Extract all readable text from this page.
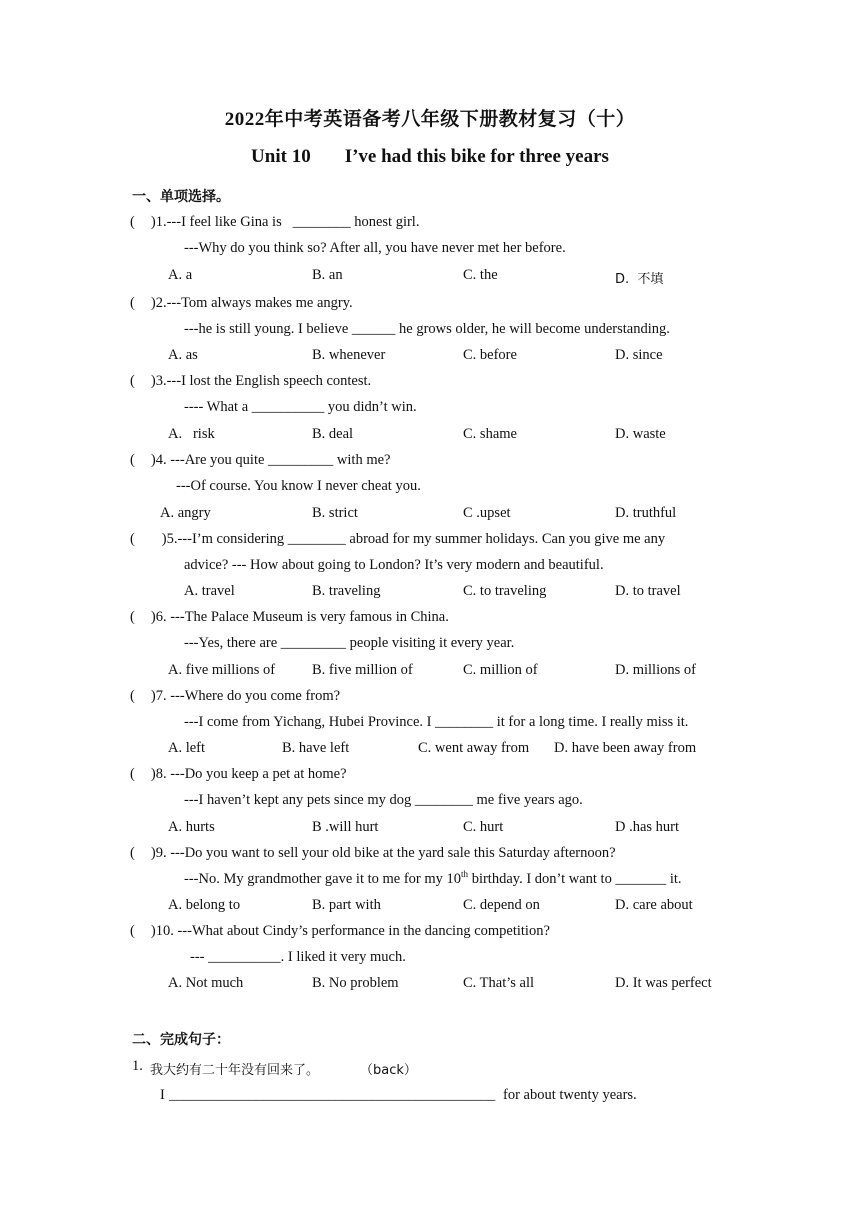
2022年中考英语备考八年级下册教材复习（十）
Unit 10 I’ve had this bike for three years
一、单项选择。
( )1.---I feel like Gina is   ________ honest girl.
---Why do you think so? After all, you have never met her before.
A. a	B. an	C. the	D.  不填
( )2.---Tom always makes me angry.
---he is still young. I believe ______ he grows older, he will become understanding.
A. as	B. whenever	C. before	D. since
( )3.---I lost the English speech contest.
---- What a __________ you didn’t win.
A.   risk	B. deal	C. shame	D. waste
( )4. ---Are you quite _________ with me?
---Of course. You know I never cheat you.
A. angry	B. strict	C .upset	D. truthful
( )5.---I’m considering ________ abroad for my summer holidays. Can you give me any
advice? --- How about going to London? It’s very modern and beautiful.
A. travel	B. traveling	C. to traveling	D. to travel
( )6. ---The Palace Museum is very famous in China.
---Yes, there are _________ people visiting it every year.
A. five millions of	B. five million of	C. million of	D. millions of
( )7. ---Where do you come from?
---I come from Yichang, Hubei Province. I ________ it for a long time. I really miss it.
A. left	B. have left	C. went away from D. have been away from
( )8. ---Do you keep a pet at home?
---I haven’t kept any pets since my dog ________ me five years ago.
A. hurts	B .will hurt	C. hurt	D .has hurt
( )9. ---Do you want to sell your old bike at the yard sale this Saturday afternoon?
---No. My grandmother gave it to me for my 10th birthday. I don’t want to _______ it.
A. belong to	B. part with	C. depend on	D. care about
( )10. ---What about Cindy’s performance in the dancing competition?
--- __________. I liked it very much.
A. Not much	B. No problem	C. That’s all	D. It was perfect
二、完成句子：
1. 我大约有二十年没有回来了。	（back）
I _____________________________________________ for about twenty years.
